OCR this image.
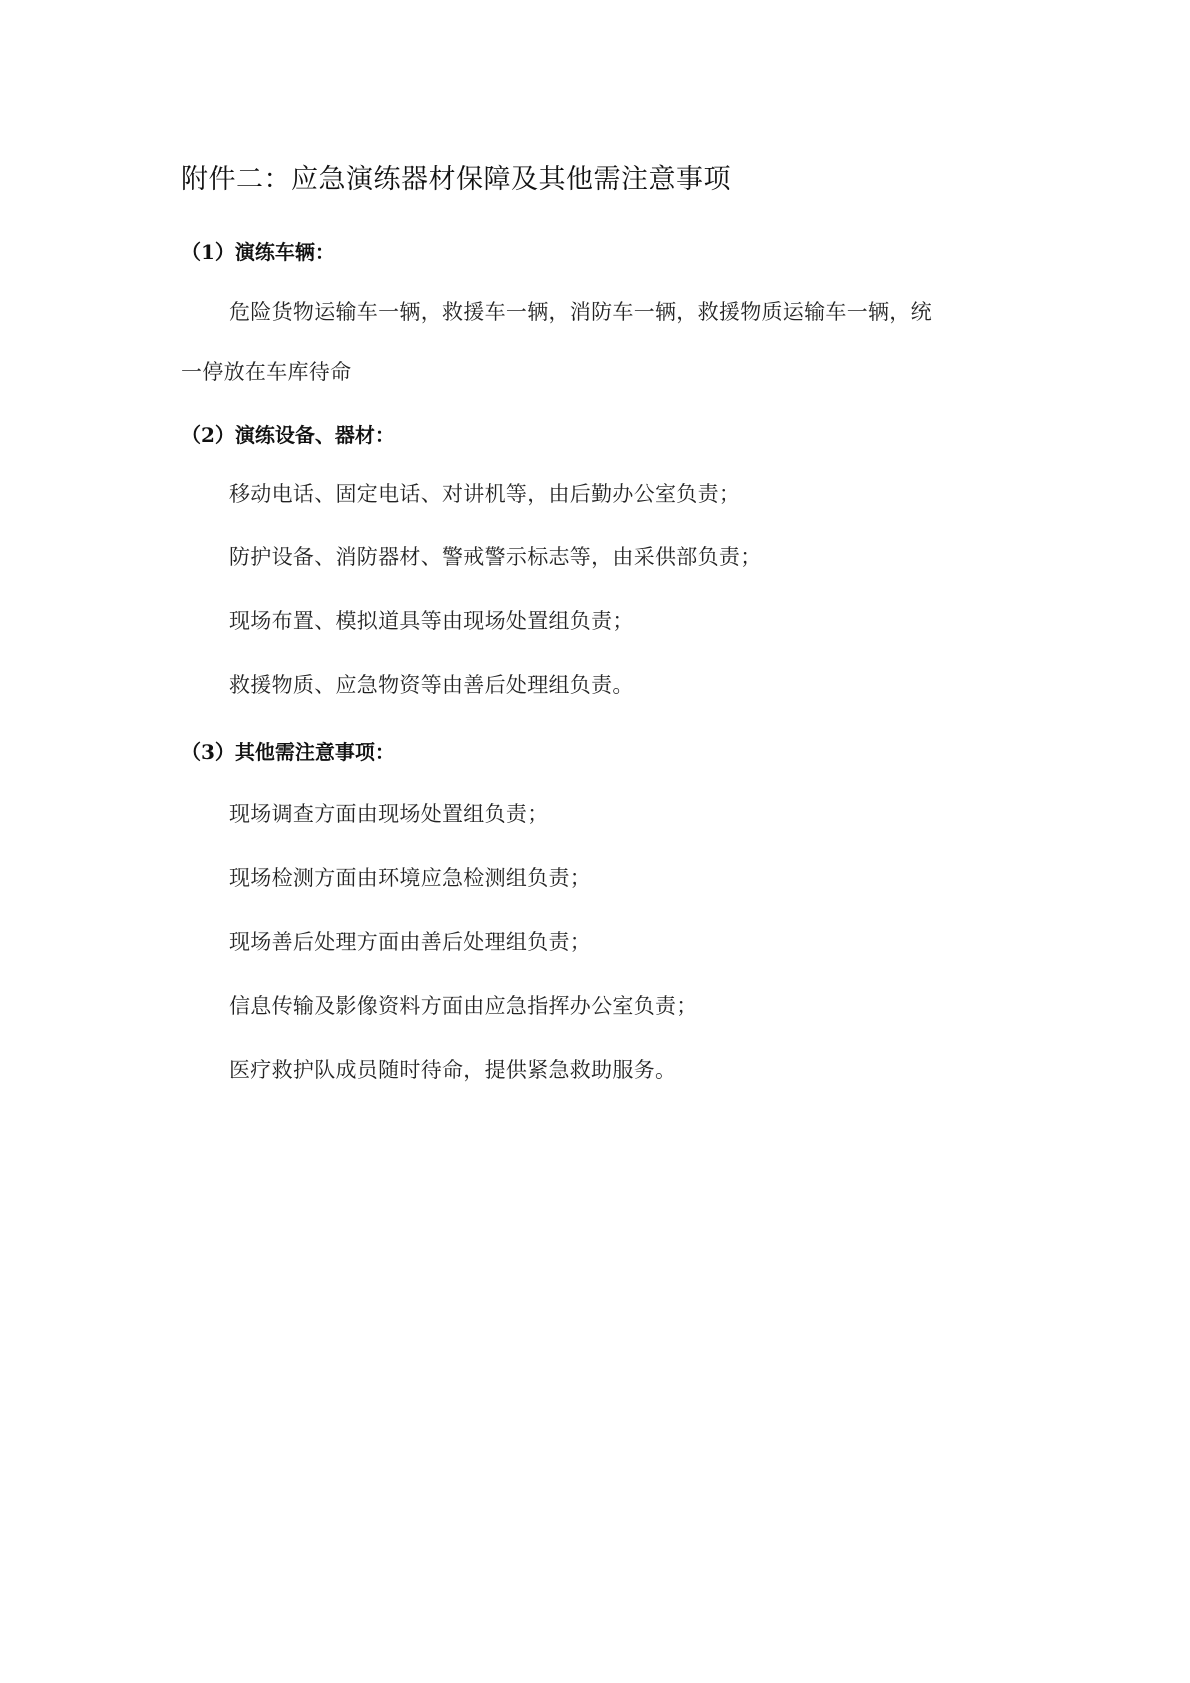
附件二：应急演练器材保障及其他需注意事项
（1）演练车辆：
危险货物运输车一辆，救援车一辆，消防车一辆，救援物质运输车一辆，统
一停放在车库待命
（2）演练设备、器材：
移动电话、固定电话、对讲机等，由后勤办公室负责；
防护设备、消防器材、警戒警示标志等，由采供部负责；
现场布置、模拟道具等由现场处置组负责；
救援物质、应急物资等由善后处理组负责。
（3）其他需注意事项：
现场调查方面由现场处置组负责；
现场检测方面由环境应急检测组负责；
现场善后处理方面由善后处理组负责；
信息传输及影像资料方面由应急指挥办公室负责；
医疗救护队成员随时待命，提供紧急救助服务。
